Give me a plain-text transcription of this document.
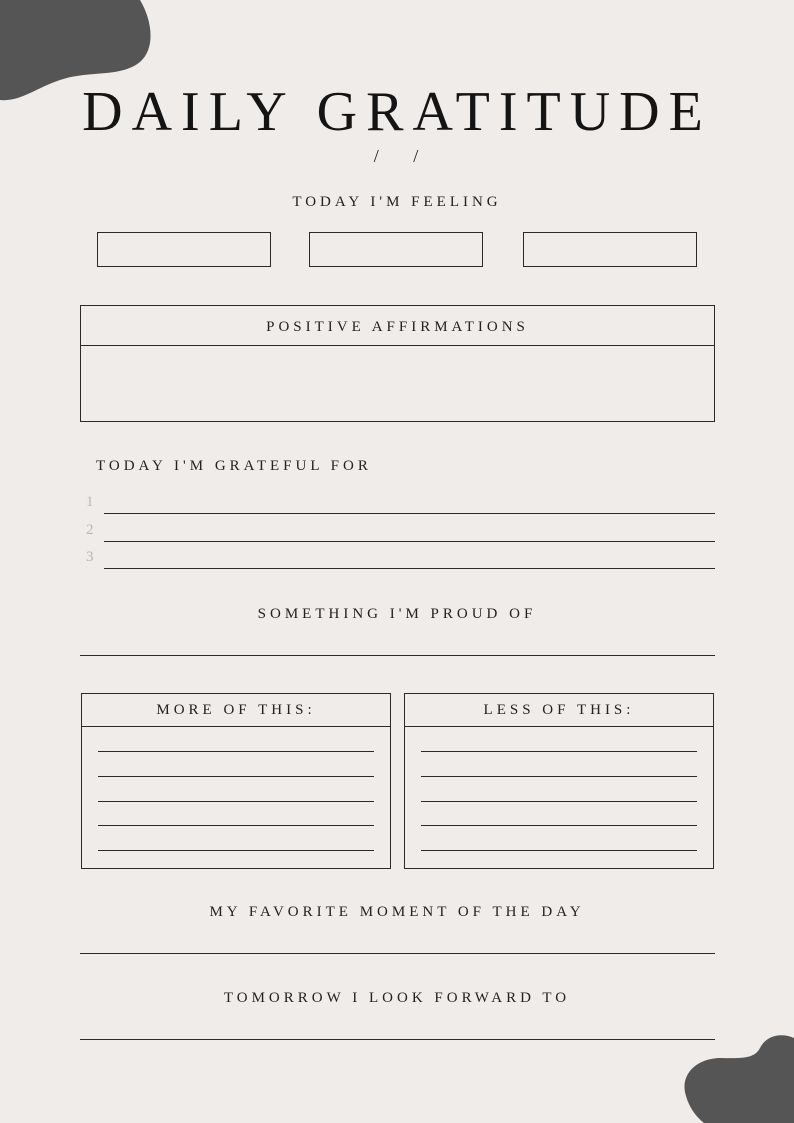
DAILY GRATITUDE
/     /
TODAY I'M FEELING
POSITIVE AFFIRMATIONS
TODAY I'M GRATEFUL FOR
1
2
3
SOMETHING I'M PROUD OF
MORE OF THIS:	LESS OF THIS:
MY FAVORITE MOMENT OF THE DAY
TOMORROW I LOOK FORWARD TO
